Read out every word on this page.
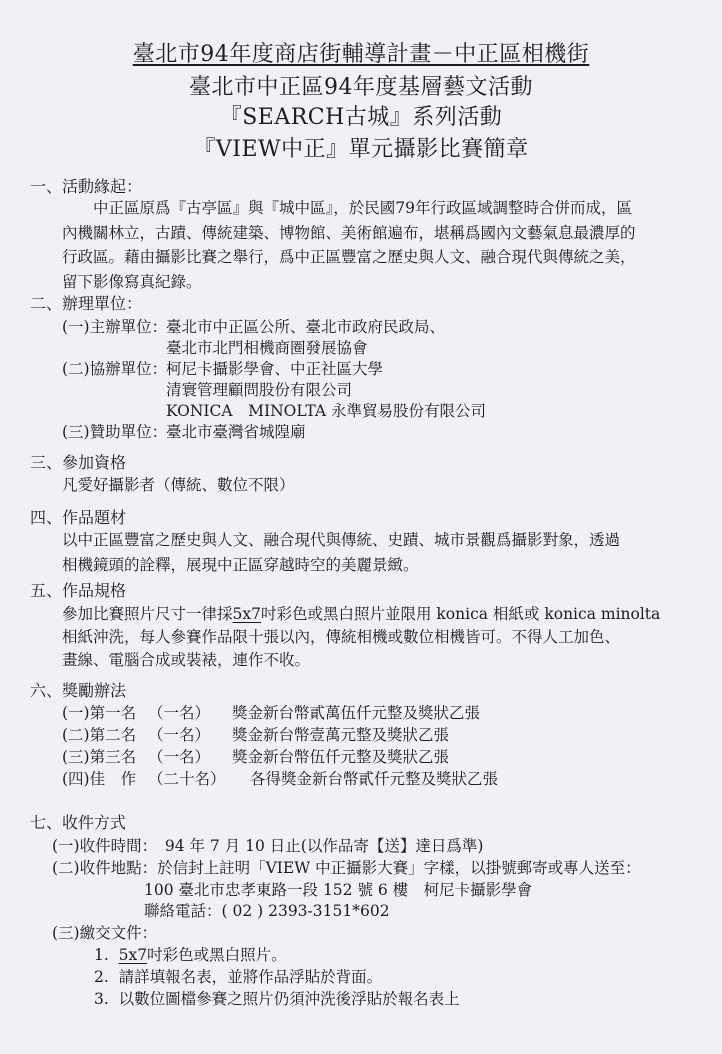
臺北市94年度商店街輔導計畫－中正區相機街
臺北市中正區94年度基層藝文活動
『SEARCH古城』系列活動
『VIEW中正』單元攝影比賽簡章
一、活動緣起：
中正區原爲『古亭區』與『城中區』，於民國79年行政區域調整時合併而成，區內機關林立，古蹟、傳統建築、博物館、美術館遍布，堪稱爲國內文藝氣息最濃厚的行政區。藉由攝影比賽之舉行，爲中正區豐富之歷史與人文、融合現代與傳統之美，留下影像寫真紀錄。
二、辦理單位：
(一)主辦單位：
臺北市中正區公所、臺北市政府民政局、
臺北市北門相機商圈發展協會
(二)協辦單位：
柯尼卡攝影學會、中正社區大學
清寰管理顧問股份有限公司
KONICA　MINOLTA 永準貿易股份有限公司
(三)贊助單位：
臺北市臺灣省城隍廟
三、參加資格
凡愛好攝影者（傳統、數位不限）
四、作品題材
以中正區豐富之歷史與人文、融合現代與傳統、史蹟、城市景觀爲攝影對象，透過相機鏡頭的詮釋，展現中正區穿越時空的美麗景緻。
五、作品規格
參加比賽照片尺寸一律採5x7吋彩色或黑白照片並限用 konica 相紙或 konica minolta
相紙沖洗，每人參賽作品限十張以內，傳統相機或數位相機皆可。不得人工加色、
畫線、電腦合成或裝裱，連作不收。
六、獎勵辦法
(一)第一名 （一名） 獎金新台幣貳萬伍仟元整及獎狀乙張
(二)第二名 （一名） 獎金新台幣壹萬元整及獎狀乙張
(三)第三名 （一名） 獎金新台幣伍仟元整及獎狀乙張
(四)佳　作 （二十名） 各得獎金新台幣貳仟元整及獎狀乙張
七、收件方式
(一)收件時間：　94 年 7 月 10 日止(以作品寄【送】達日爲準)
(二)收件地點：於信封上註明「VIEW 中正攝影大賽」字樣，以掛號郵寄或專人送至：
100 臺北市忠孝東路一段 152 號 6 樓　柯尼卡攝影學會
聯絡電話：( 02 ) 2393-3151*602
(三)繳交文件：
1. 5x7吋彩色或黑白照片。
2. 請詳填報名表，並將作品浮貼於背面。
3. 以數位圖檔參賽之照片仍須沖洗後浮貼於報名表上
